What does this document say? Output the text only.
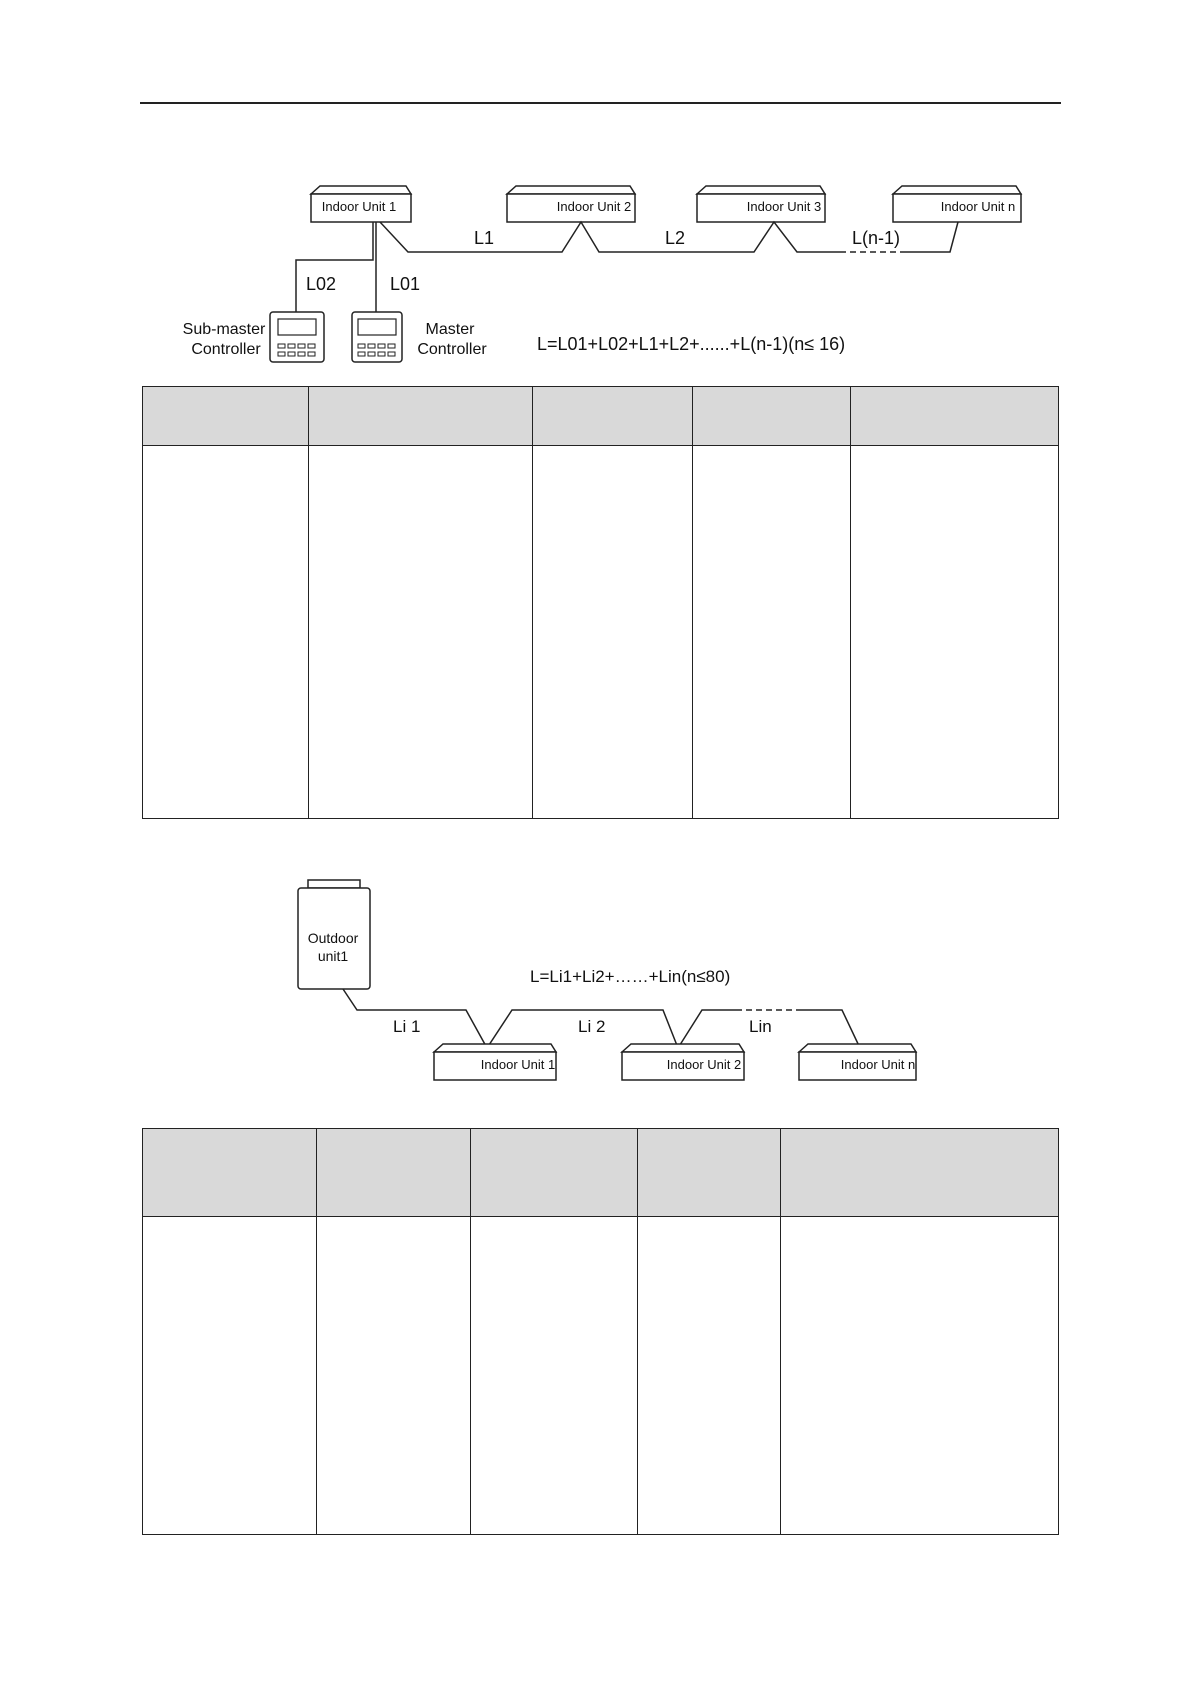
Indoor Unit 1	Indoor Unit 2	Indoor Unit 3	Indoor Unit n
L1	L2	L(n-1)
L02	L01
Sub-master
Controller
Master
Controller	L=L01+L02+L1+L2+......+L(n-1)(n≤ 16)

Outdoor
unit1
L=Li1+Li2+……+Lin(n≤80)
Li 1	Li 2	Lin
Indoor Unit 1	Indoor Unit 2	Indoor Unit n
